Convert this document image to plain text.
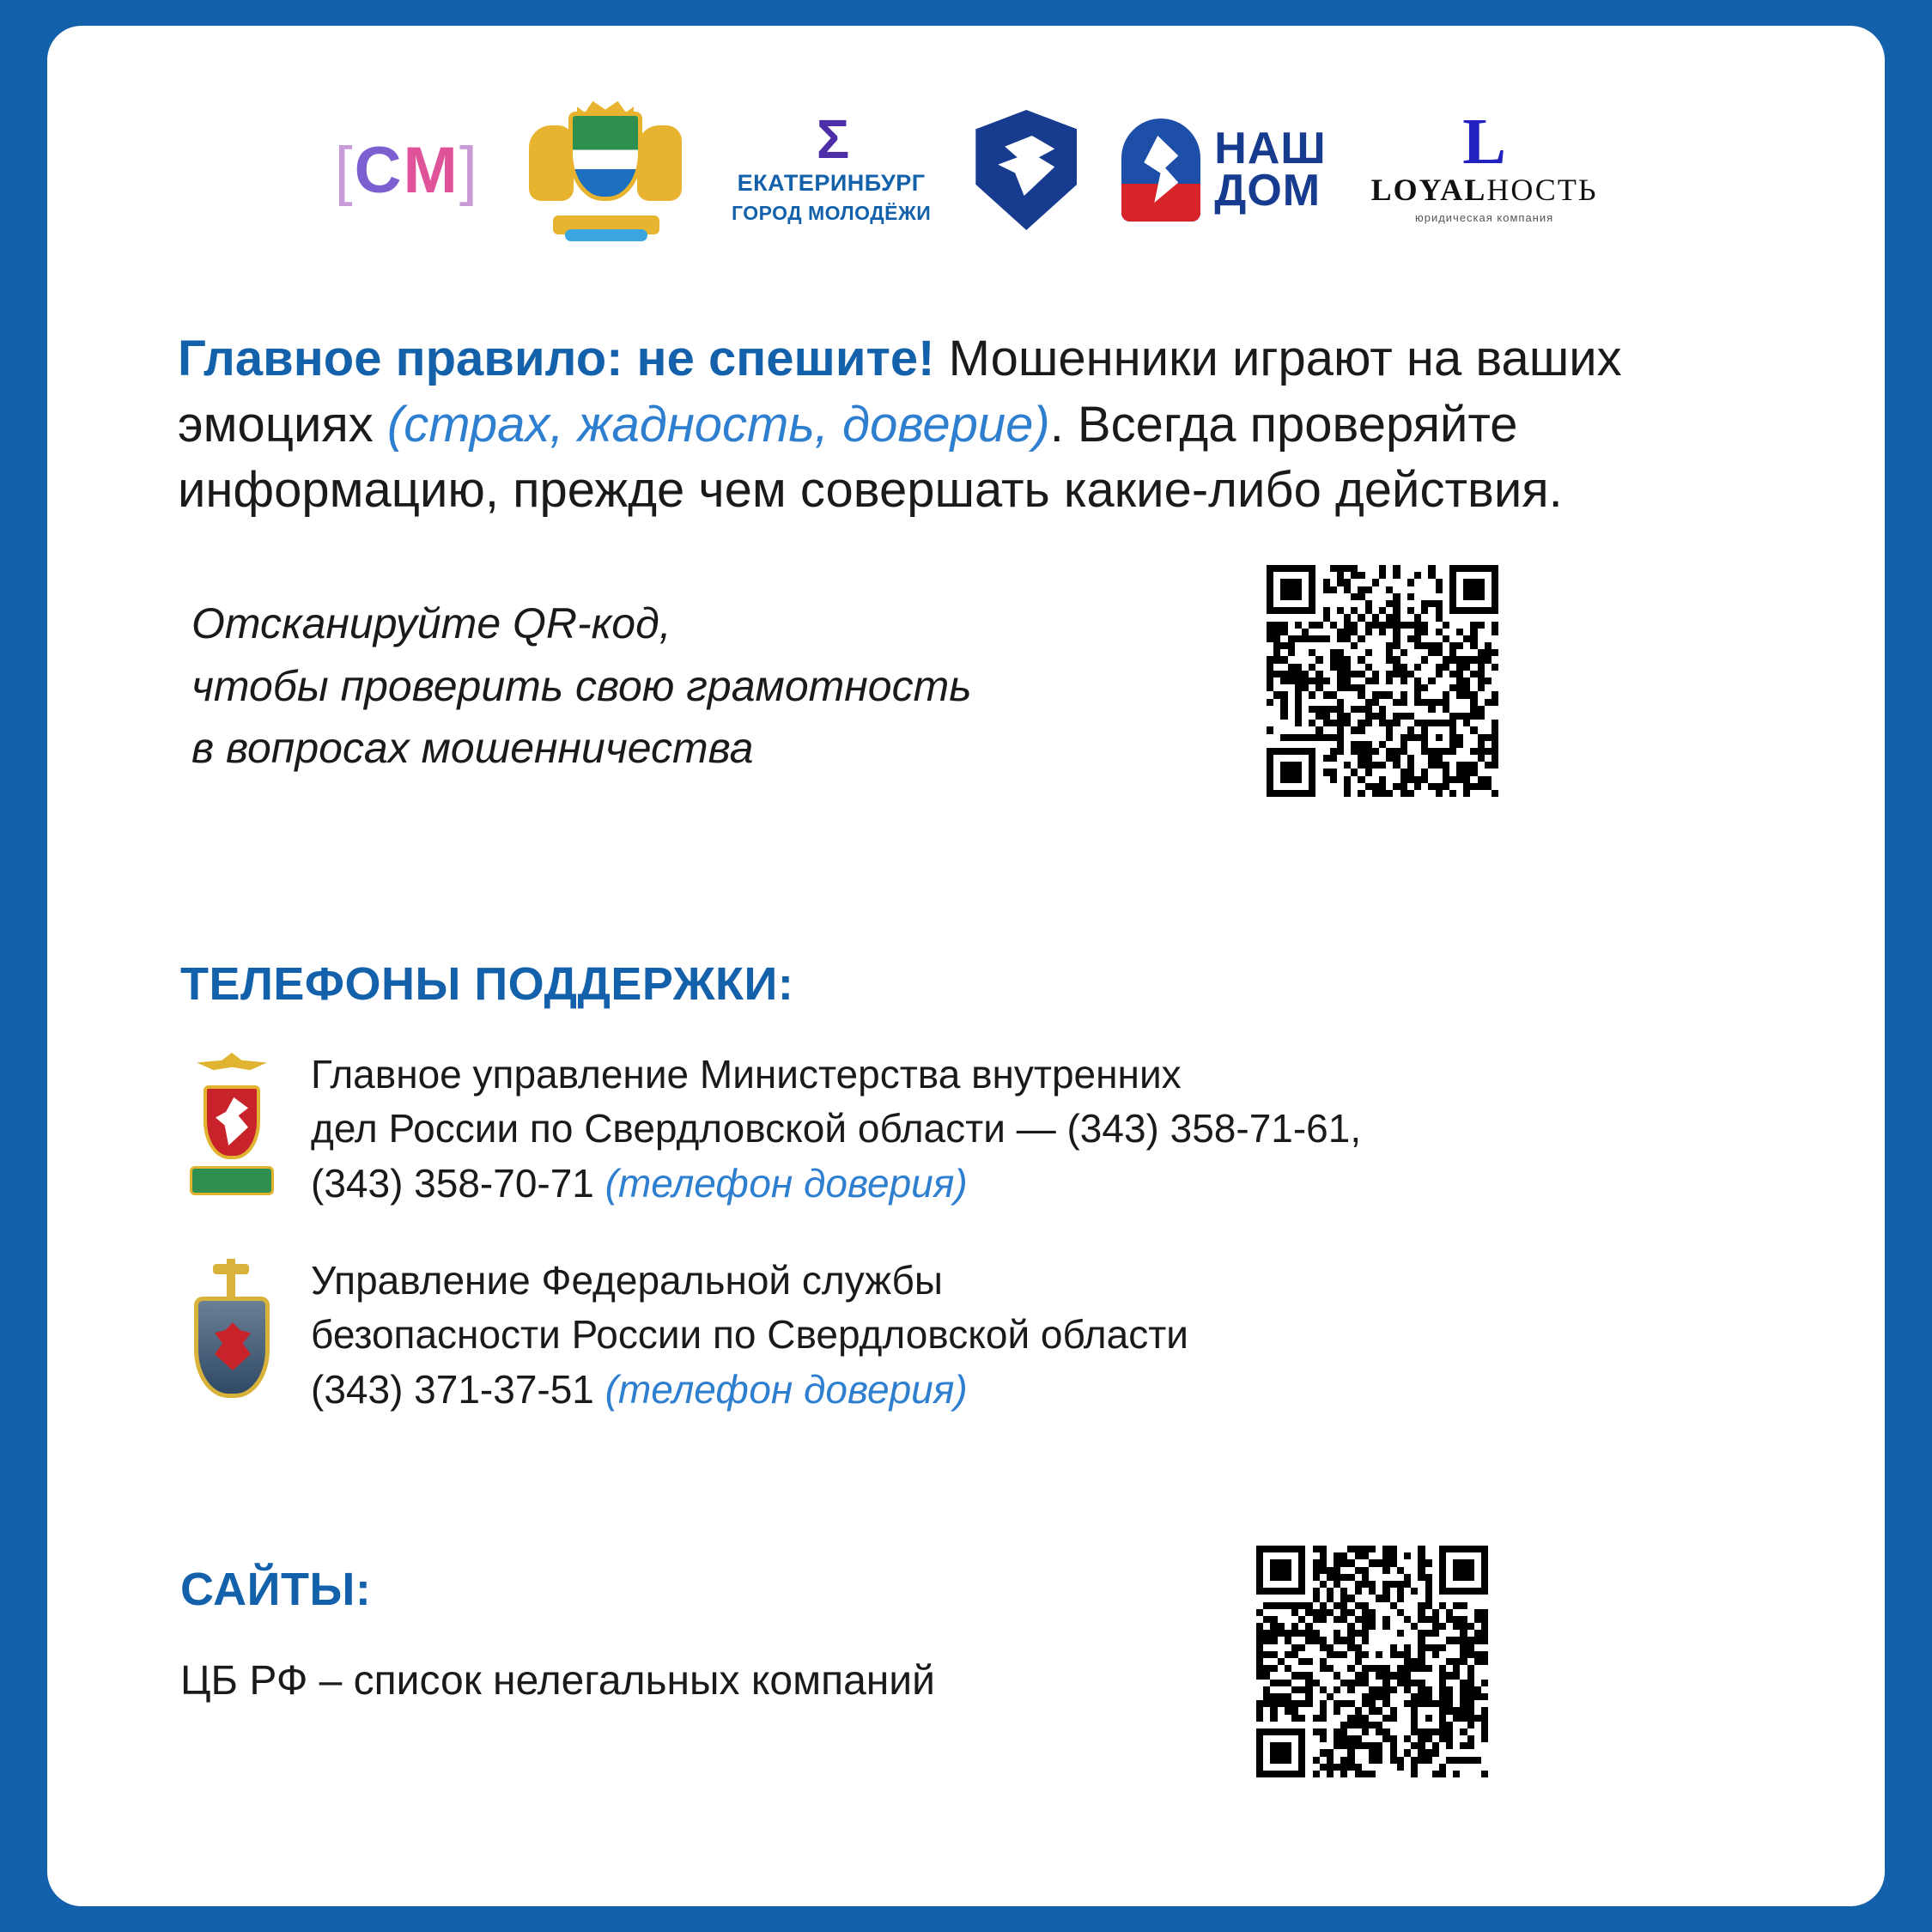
[ C M ]	Σ
ЕКАТЕРИНБУРГ
ГОРОД МОЛОДЁЖИ
НАШ
ДОМ
L
LOYALНОСТЬ
юридическая компания
Главное правило: не спешите! Мошенники играют на ваших эмоциях (страх, жадность, доверие). Всегда проверяйте информацию, прежде чем совершать какие-либо действия.
Отсканируйте QR-код,
чтобы проверить свою грамотность
в вопросах мошенничества
ТЕЛЕФОНЫ ПОДДЕРЖКИ:
Главное управление Министерства внутренних
дел России по Свердловской области — (343) 358-71-61,
(343) 358-70-71 (телефон доверия)
Управление Федеральной службы
безопасности России по Свердловской области
(343) 371-37-51 (телефон доверия)
САЙТЫ:
ЦБ РФ – список нелегальных компаний
